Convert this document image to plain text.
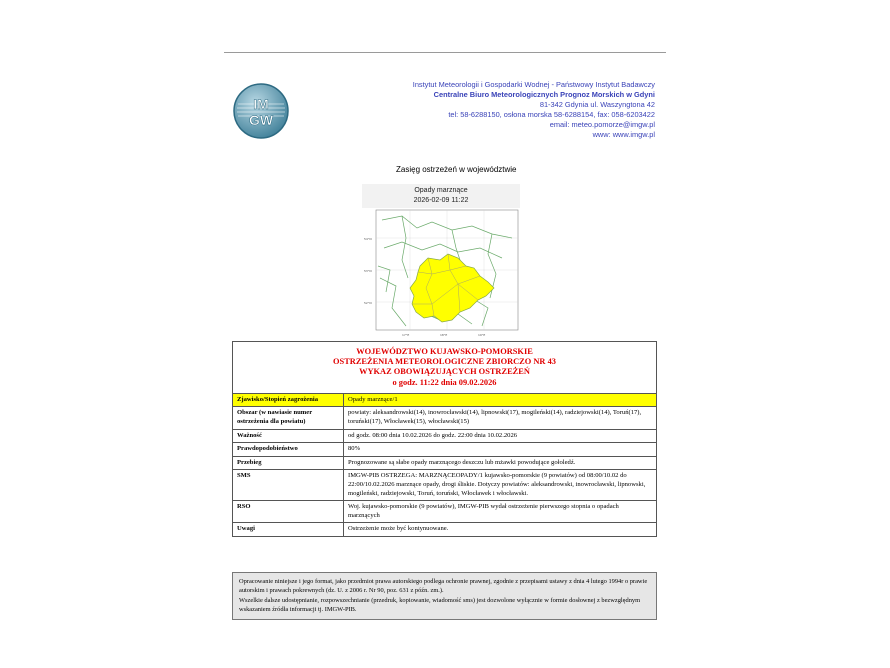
IM
GW
Instytut Meteorologii i Gospodarki Wodnej - Państwowy Instytut Badawczy
Centralne Biuro Meteorologicznych Prognoz Morskich w Gdyni
81-342 Gdynia ul. Waszyngtona 42
tel: 58-6288150, osłona morska 58-6288154, fax: 058-6203422
email: meteo.pomorze@imgw.pl
www: www.imgw.pl
Zasięg ostrzeżeń w województwie
Opady marznące
2026-02-09 11:22
54°N
53°N
52°N
17°E	18°E	19°E
WOJEWÓDZTWO KUJAWSKO-POMORSKIE
OSTRZEŻENIA METEOROLOGICZNE ZBIORCZO NR 43
WYKAZ OBOWIĄZUJĄCYCH OSTRZEŻEŃ
o godz. 11:22 dnia 09.02.2026	

Zjawisko/Stopień zagrożenia	Opady marznące/1
Obszar (w nawiasie numer ostrzeżenia dla powiatu)	powiaty: aleksandrowski(14), inowrocławski(14), lipnowski(17), mogileński(14), radziejowski(14), Toruń(17), toruński(17), Włocławek(15), włocławski(15)
Ważność	od godz. 08:00 dnia 10.02.2026 do godz. 22:00 dnia 10.02.2026
Prawdopodobieństwo	80%
Przebieg	Prognozowane są słabe opady marznącego deszczu lub mżawki powodujące gołoledź.
SMS	IMGW-PIB OSTRZEGA: MARZNĄCEOPADY/1 kujawsko-pomorskie (9 powiatów) od 08:00/10.02 do 22:00/10.02.2026 marznące opady, drogi śliskie. Dotyczy powiatów: aleksandrowski, inowrocławski, lipnowski, mogileński, radziejowski, Toruń, toruński, Włocławek i włocławski.
RSO	Woj. kujawsko-pomorskie (9 powiatów), IMGW-PIB wydał ostrzeżenie pierwszego stopnia o opadach marznących
Uwagi	Ostrzeżenie może być kontynuowane.
Opracowanie niniejsze i jego format, jako przedmiot prawa autorskiego podlega ochronie prawnej, zgodnie z przepisami ustawy z dnia 4 lutego 1994r o prawie autorskim i prawach pokrewnych (dz. U. z 2006 r. Nr 90, poz. 631 z późn. zm.).
Wszelkie dalsze udostępnianie, rozpowszechnianie (przedruk, kopiowanie, wiadomość sms) jest dozwolone wyłącznie w formie dosłownej z bezwzględnym wskazaniem źródła informacji tj. IMGW-PIB.
